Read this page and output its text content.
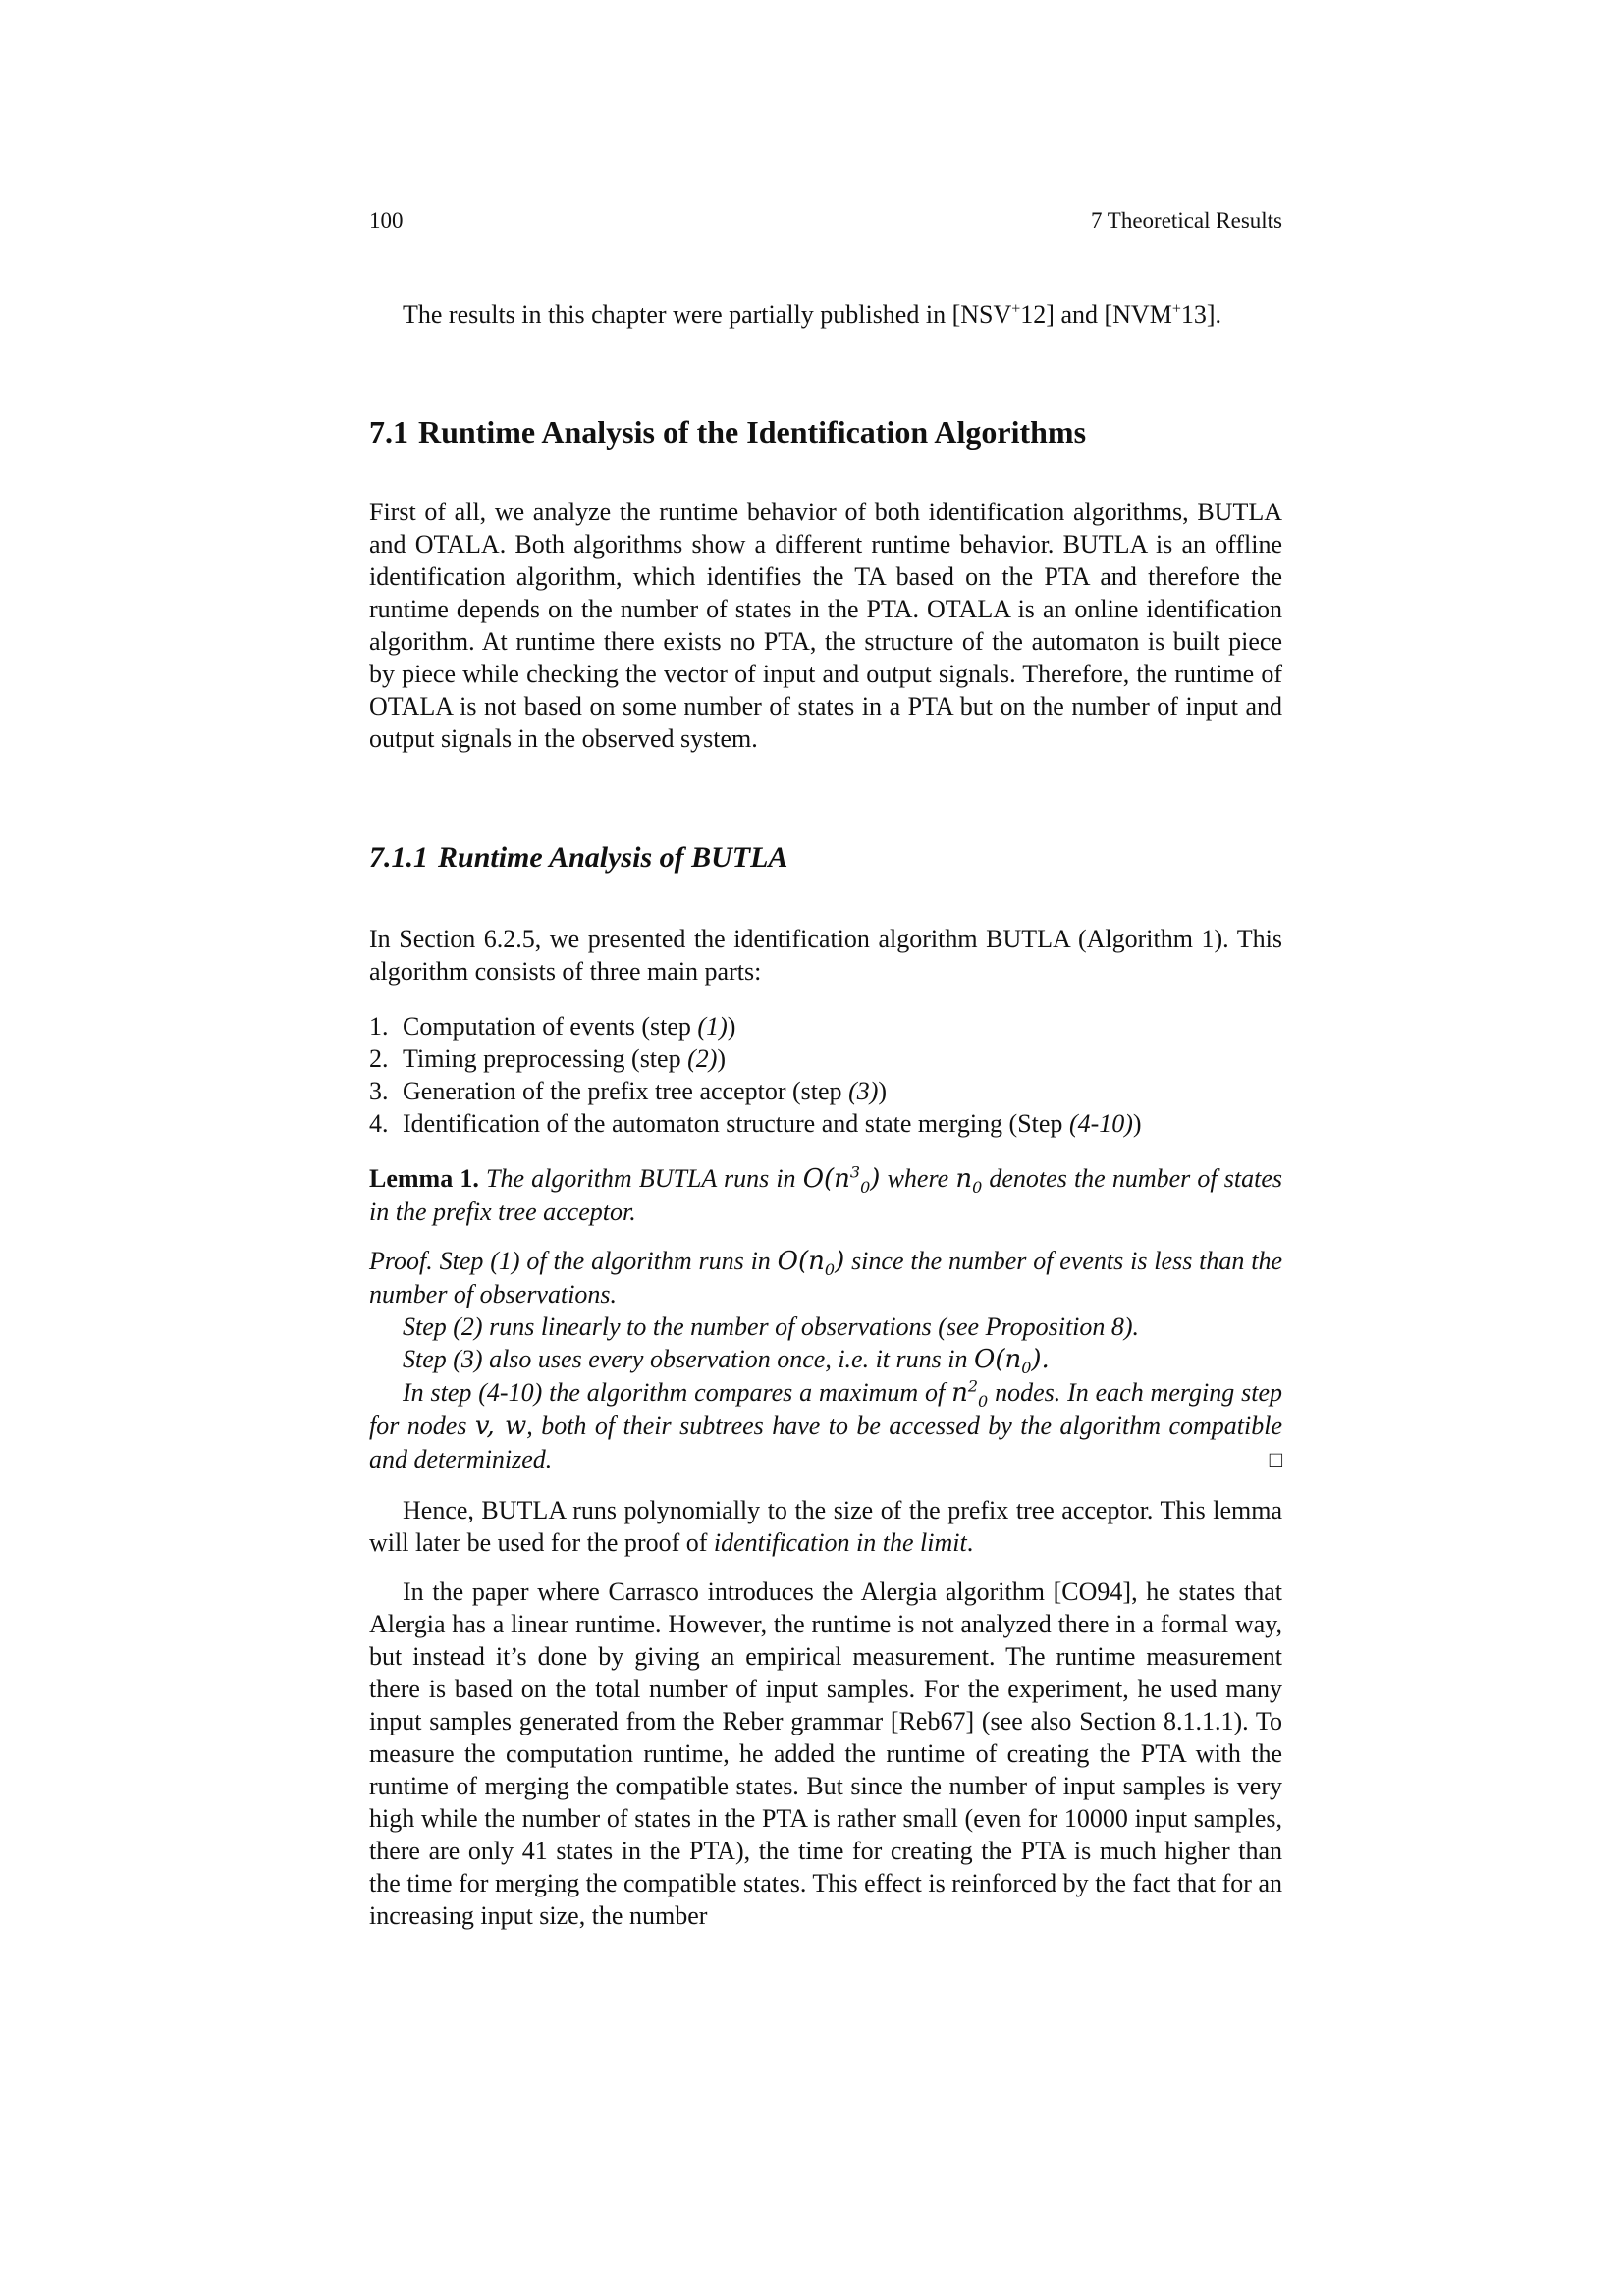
100	7 Theoretical Results

The results in this chapter were partially published in [NSV+12] and [NVM+13].

7.1 Runtime Analysis of the Identification Algorithms

First of all, we analyze the runtime behavior of both identification algorithms, BUTLA and OTALA. Both algorithms show a different runtime behavior. BUTLA is an offline identification algorithm, which identifies the TA based on the PTA and therefore the runtime depends on the number of states in the PTA. OTALA is an online identification algorithm. At runtime there exists no PTA, the structure of the automaton is built piece by piece while checking the vector of input and output signals. Therefore, the runtime of OTALA is not based on some number of states in a PTA but on the number of input and output signals in the observed system.

7.1.1 Runtime Analysis of BUTLA

In Section 6.2.5, we presented the identification algorithm BUTLA (Algorithm 1). This algorithm consists of three main parts:

1. Computation of events (step (1))
2. Timing preprocessing (step (2))
3. Generation of the prefix tree acceptor (step (3))
4. Identification of the automaton structure and state merging (Step (4-10))

Lemma 1. The algorithm BUTLA runs in $O(n^3_0)$ where $n_0$ denotes the number of states in the prefix tree acceptor.

Proof. Step (1) of the algorithm runs in $O(n_0)$ since the number of events is less than the number of observations.

Step (2) runs linearly to the number of observations (see Proposition 8).

Step (3) also uses every observation once, i.e. it runs in $O(n_0)$.

In step (4-10) the algorithm compares a maximum of $n^2_0$ nodes. In each merging step for nodes v, w, both of their subtrees have to be accessed by the algorithm compatible and determinized.	□

Hence, BUTLA runs polynomially to the size of the prefix tree acceptor. This lemma will later be used for the proof of identification in the limit.

In the paper where Carrasco introduces the Alergia algorithm [CO94], he states that Alergia has a linear runtime. However, the runtime is not analyzed there in a formal way, but instead it’s done by giving an empirical measurement. The runtime measurement there is based on the total number of input samples. For the experiment, he used many input samples generated from the Reber grammar [Reb67] (see also Section 8.1.1.1). To measure the computation runtime, he added the runtime of creating the PTA with the runtime of merging the compatible states. But since the number of input samples is very high while the number of states in the PTA is rather small (even for 10000 input samples, there are only 41 states in the PTA), the time for creating the PTA is much higher than the time for merging the compatible states. This effect is reinforced by the fact that for an increasing input size, the number
